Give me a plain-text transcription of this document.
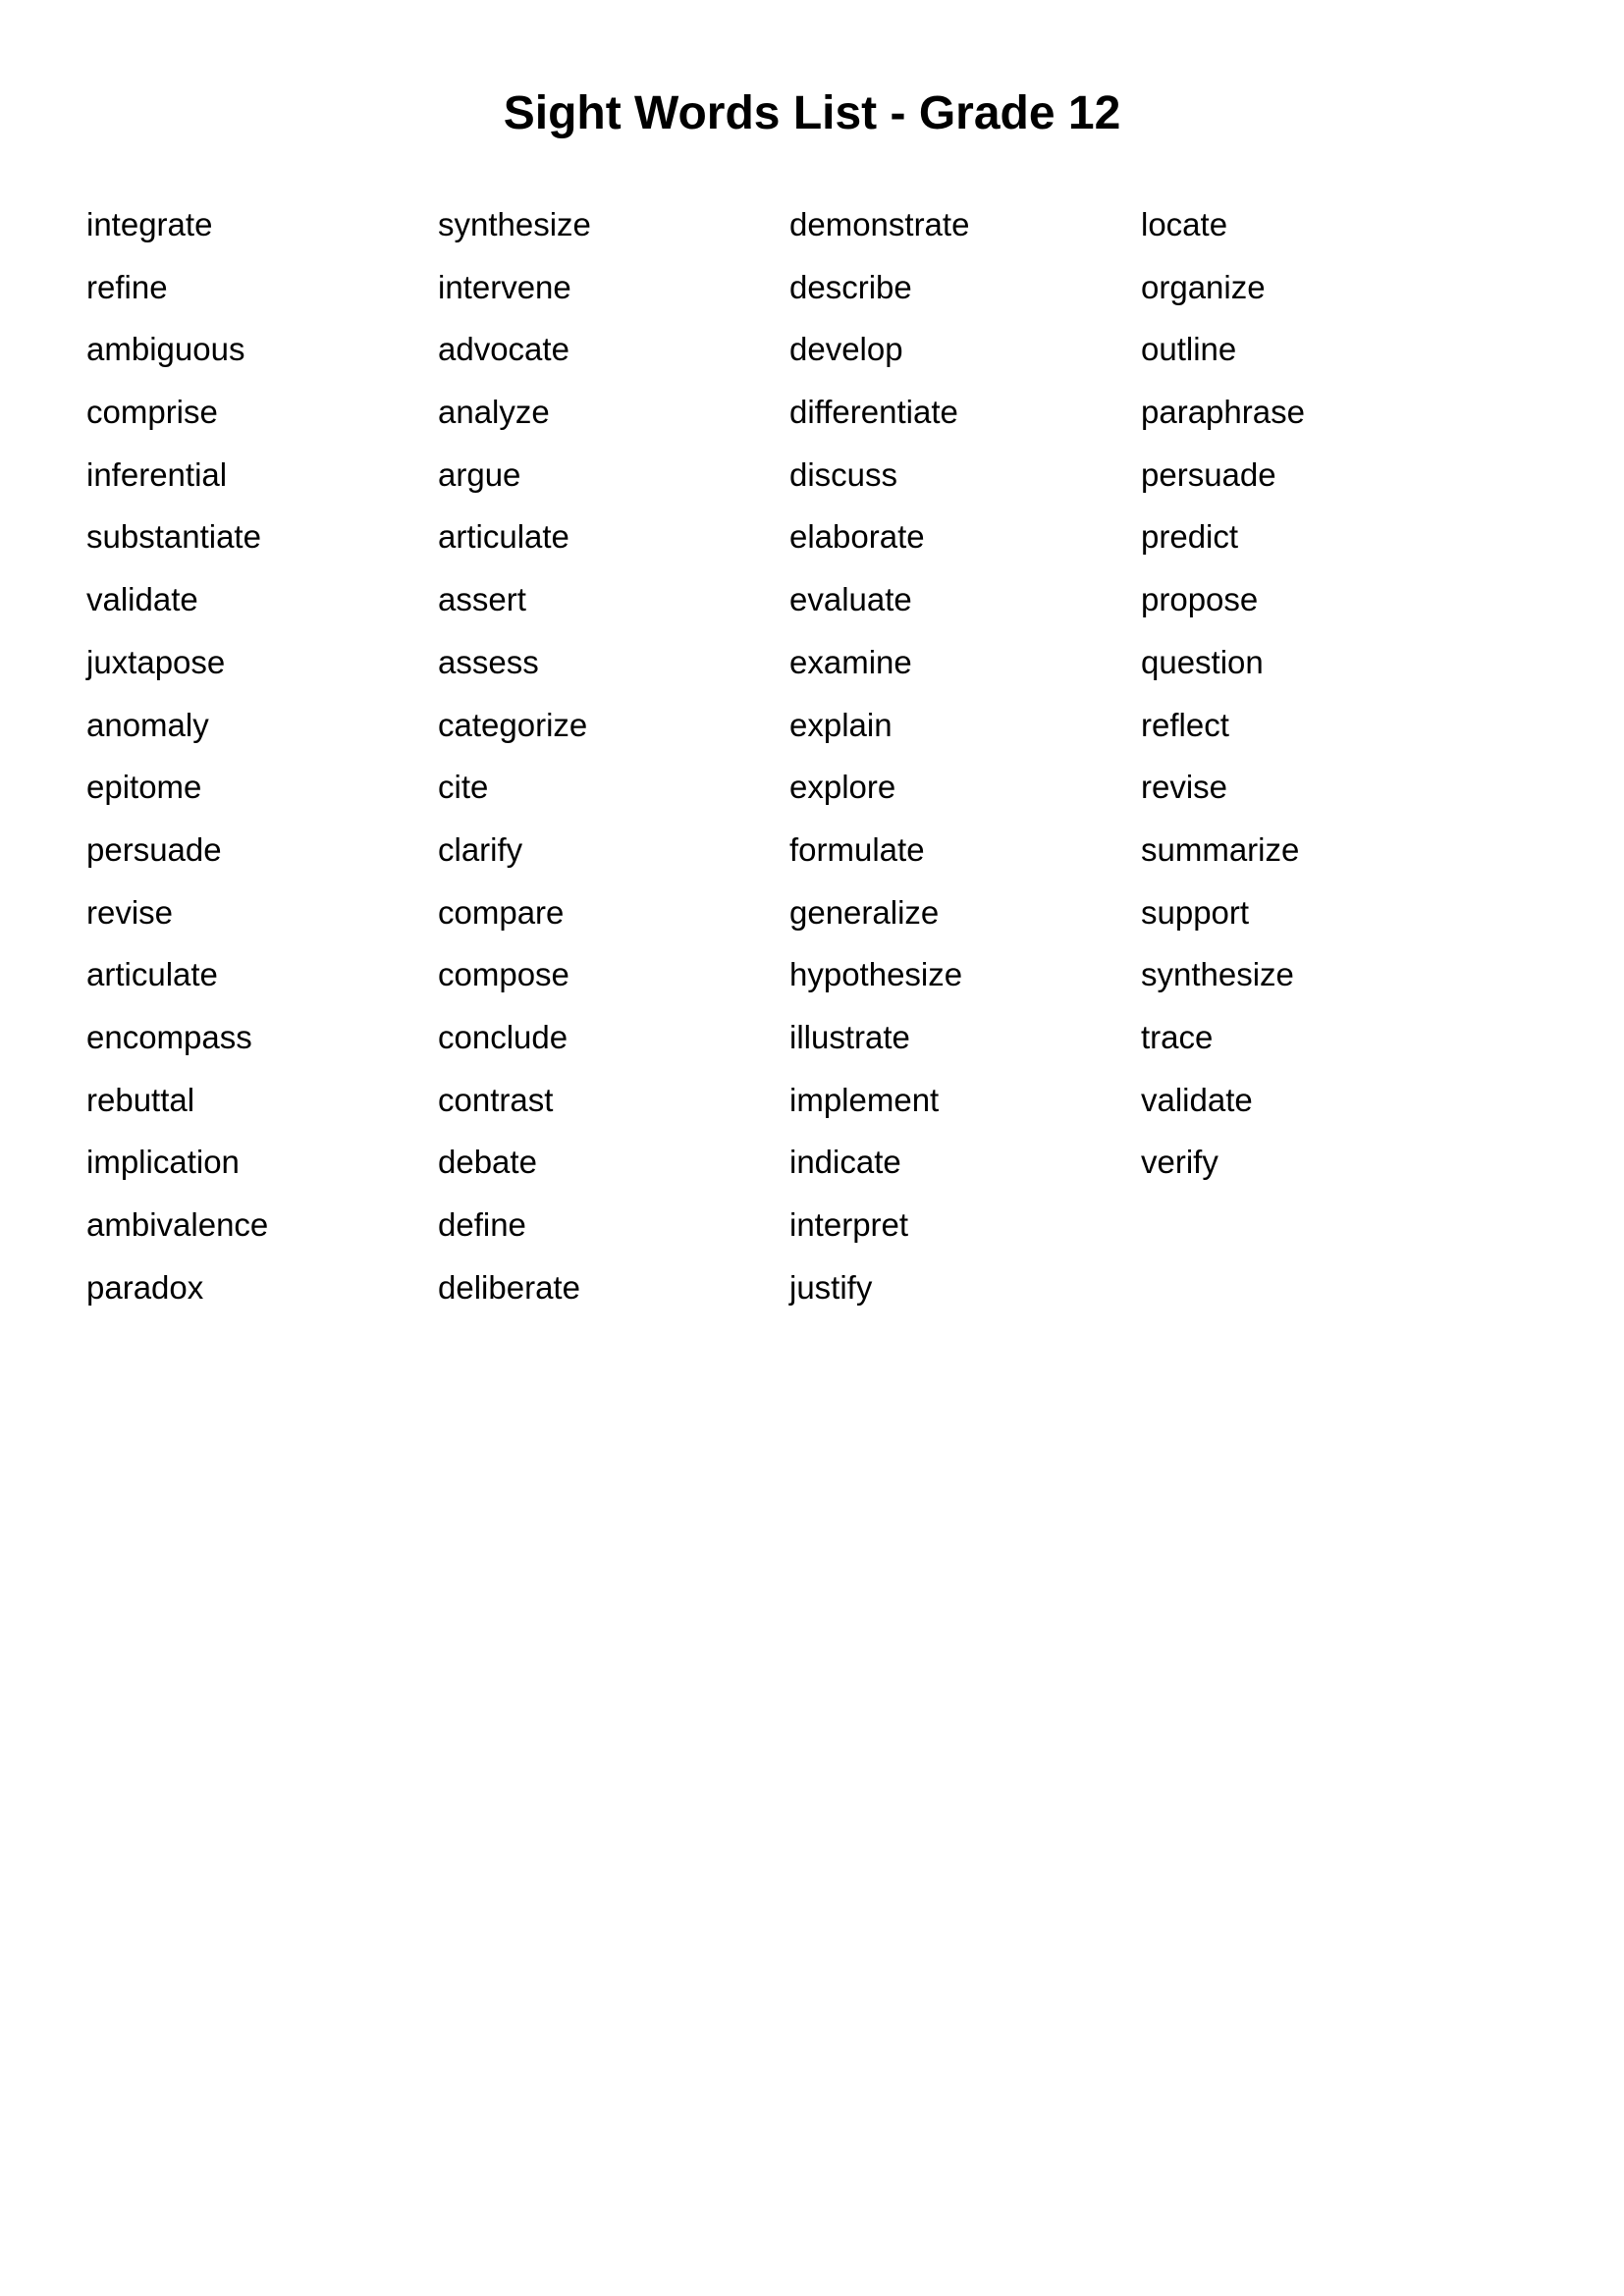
Sight Words List - Grade 12
integrate
refine
ambiguous
comprise
inferential
substantiate
validate
juxtapose
anomaly
epitome
persuade
revise
articulate
encompass
rebuttal
implication
ambivalence
paradox
synthesize
intervene
advocate
analyze
argue
articulate
assert
assess
categorize
cite
clarify
compare
compose
conclude
contrast
debate
define
deliberate
demonstrate
describe
develop
differentiate
discuss
elaborate
evaluate
examine
explain
explore
formulate
generalize
hypothesize
illustrate
implement
indicate
interpret
justify
locate
organize
outline
paraphrase
persuade
predict
propose
question
reflect
revise
summarize
support
synthesize
trace
validate
verify
